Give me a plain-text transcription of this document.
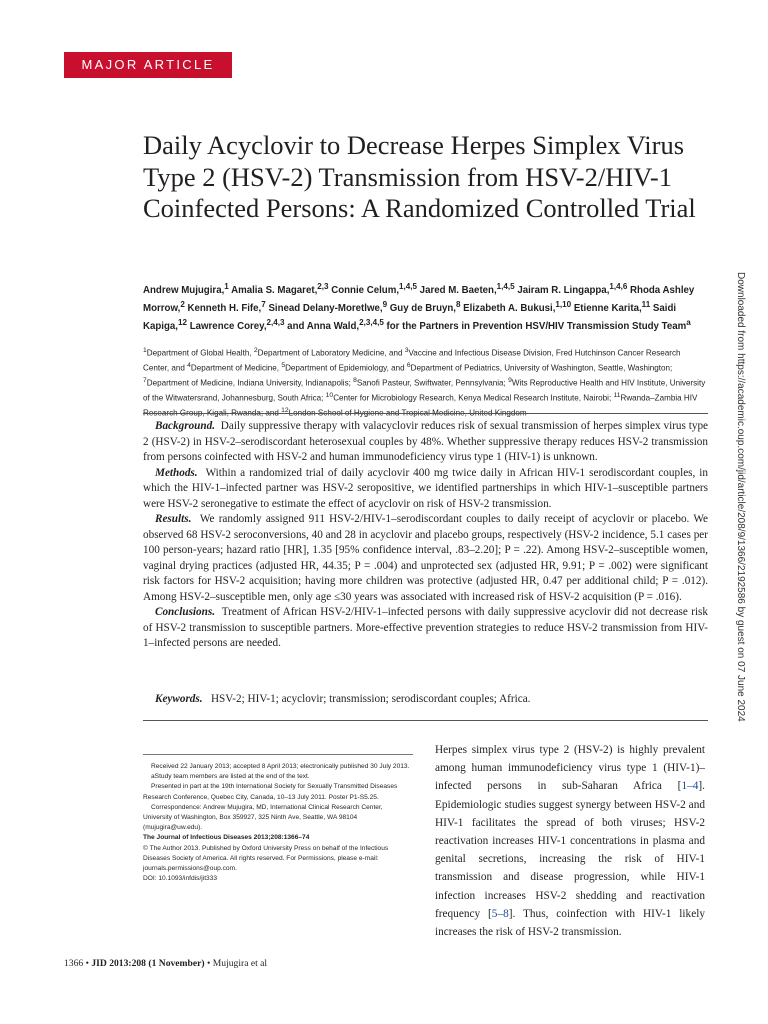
MAJOR ARTICLE
Daily Acyclovir to Decrease Herpes Simplex Virus Type 2 (HSV-2) Transmission from HSV-2/HIV-1 Coinfected Persons: A Randomized Controlled Trial
Andrew Mujugira,$^1$ Amalia S. Magaret,$^{2,3}$ Connie Celum,$^{1,4,5}$ Jared M. Baeten,$^{1,4,5}$ Jairam R. Lingappa,$^{1,4,6}$ Rhoda Ashley Morrow,$^2$ Kenneth H. Fife,$^7$ Sinead Delany-Moretlwe,$^9$ Guy de Bruyn,$^8$ Elizabeth A. Bukusi,$^{1,10}$ Etienne Karita,$^{11}$ Saidi Kapiga,$^{12}$ Lawrence Corey,$^{2,4,3}$ and Anna Wald,$^{2,3,4,5}$ for the Partners in Prevention HSV/HIV Transmission Study Team$^a$
$^1$Department of Global Health, $^2$Department of Laboratory Medicine, and $^3$Vaccine and Infectious Disease Division, Fred Hutchinson Cancer Research Center, and $^4$Department of Medicine, $^5$Department of Epidemiology, and $^6$Department of Pediatrics, University of Washington, Seattle, Washington; $^7$Department of Medicine, Indiana University, Indianapolis; $^8$Sanofi Pasteur, Swiftwater, Pennsylvania; $^9$Wits Reproductive Health and HIV Institute, University of the Witwatersrand, Johannesburg, South Africa; $^{10}$Center for Microbiology Research, Kenya Medical Research Institute, Nairobi; $^{11}$Rwanda–Zambia HIV Research Group, Kigali, Rwanda; and $^{12}$London School of Hygiene and Tropical Medicine, United Kingdom

Background. Daily suppressive therapy with valacyclovir reduces risk of sexual transmission of herpes simplex virus type 2 (HSV-2) in HSV-2–serodiscordant heterosexual couples by 48%. Whether suppressive therapy reduces HSV-2 transmission from persons coinfected with HSV-2 and human immunodeficiency virus type 1 (HIV-1) is unknown.

Methods. Within a randomized trial of daily acyclovir 400 mg twice daily in African HIV-1 serodiscordant couples, in which the HIV-1–infected partner was HSV-2 seropositive, we identified partnerships in which HIV-1–susceptible partners were HSV-2 seronegative to estimate the effect of acyclovir on risk of HSV-2 transmission.

Results. We randomly assigned 911 HSV-2/HIV-1–serodiscordant couples to daily receipt of acyclovir or placebo. We observed 68 HSV-2 seroconversions, 40 and 28 in acyclovir and placebo groups, respectively (HSV-2 incidence, 5.1 cases per 100 person-years; hazard ratio [HR], 1.35 [95% confidence interval, .83–2.20]; P = .22). Among HSV-2–susceptible women, vaginal drying practices (adjusted HR, 44.35; P = .004) and unprotected sex (adjusted HR, 9.91; P = .002) were significant risk factors for HSV-2 acquisition; having more children was protective (adjusted HR, 0.47 per additional child; P = .012). Among HSV-2–susceptible men, only age ≤30 years was associated with increased risk of HSV-2 acquisition (P = .016).

Conclusions. Treatment of African HSV-2/HIV-1–infected persons with daily suppressive acyclovir did not decrease risk of HSV-2 transmission to susceptible partners. More-effective prevention strategies to reduce HSV-2 transmission from HIV-1–infected persons are needed.

Keywords. HSV-2; HIV-1; acyclovir; transmission; serodiscordant couples; Africa.

Received 22 January 2013; accepted 8 April 2013; electronically published 30 July 2013.

aStudy team members are listed at the end of the text.

Presented in part at the 19th International Society for Sexually Transmitted Diseases Research Conference, Quebec City, Canada, 10–13 July 2011. Poster P1-S5.25.

Correspondence: Andrew Mujugira, MD, International Clinical Research Center, University of Washington, Box 359927, 325 Ninth Ave, Seattle, WA 98104 (mujugira@uw.edu).

The Journal of Infectious Diseases 2013;208:1366–74

© The Author 2013. Published by Oxford University Press on behalf of the Infectious Diseases Society of America. All rights reserved. For Permissions, please e-mail: journals.permissions@oup.com.

DOI: 10.1093/infdis/jit333

Herpes simplex virus type 2 (HSV-2) is highly prevalent among human immunodeficiency virus type 1 (HIV-1)–infected persons in sub-Saharan Africa [1–4]. Epidemiologic studies suggest synergy between HSV-2 and HIV-1 facilitates the spread of both viruses; HSV-2 reactivation increases HIV-1 concentrations in plasma and genital secretions, increasing the risk of HIV-1 transmission and disease progression, while HIV-1 infection increases HSV-2 shedding and reactivation frequency [5–8]. Thus, coinfection with HIV-1 likely increases the risk of HSV-2 transmission.

1366 • JID 2013:208 (1 November) • Mujugira et al
Downloaded from https://academic.oup.com/jid/article/208/9/1366/2192586 by guest on 07 June 2024
